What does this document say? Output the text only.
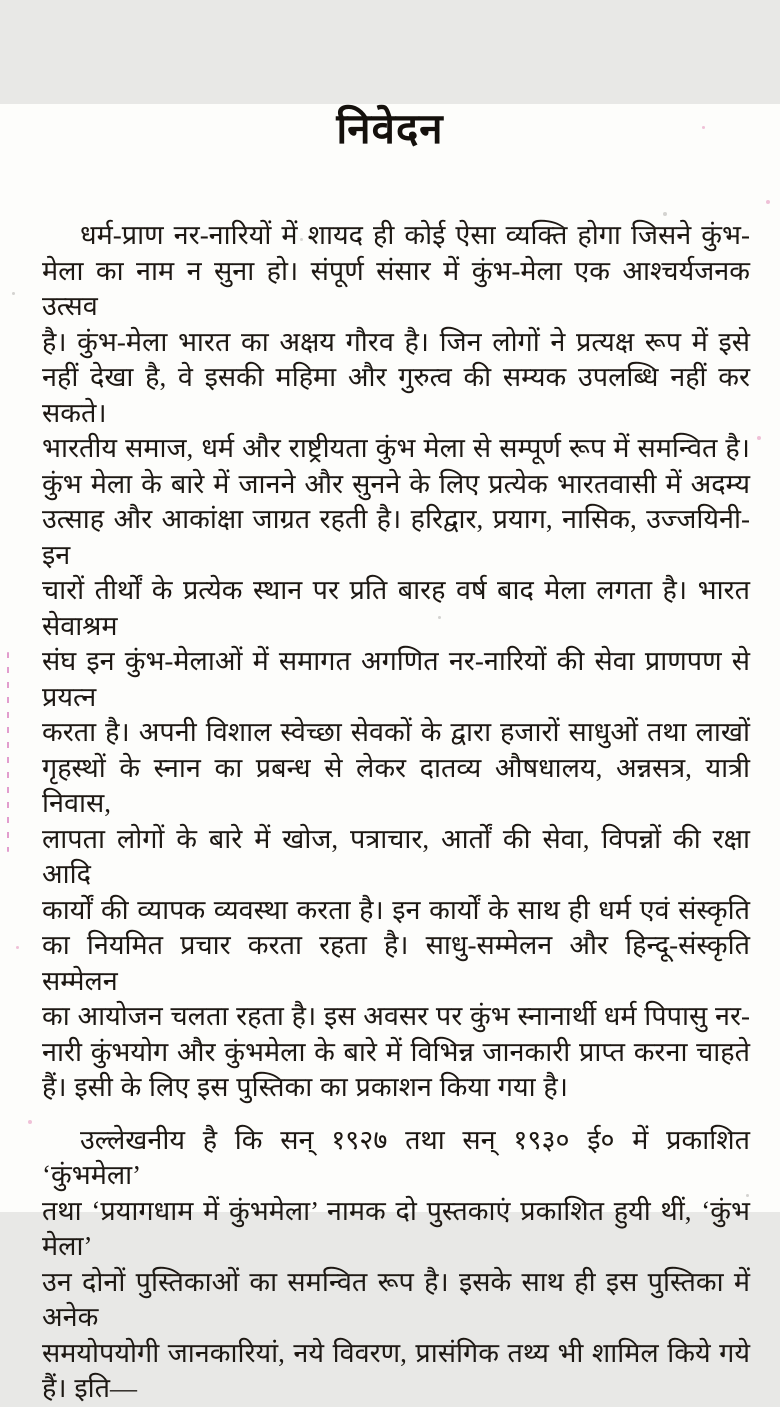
निवेदन
धर्म-प्राण नर-नारियों में शायद ही कोई ऐसा व्यक्ति होगा जिसने कुंभ-
मेला का नाम न सुना हो। संपूर्ण संसार में कुंभ-मेला एक आश्चर्यजनक उत्सव
है। कुंभ-मेला भारत का अक्षय गौरव है। जिन लोगों ने प्रत्यक्ष रूप में इसे
नहीं देखा है, वे इसकी महिमा और गुरुत्व की सम्यक उपलब्धि नहीं कर सकते।
भारतीय समाज, धर्म और राष्ट्रीयता कुंभ मेला से सम्पूर्ण रूप में समन्वित है।
कुंभ मेला के बारे में जानने और सुनने के लिए प्रत्येक भारतवासी में अदम्य
उत्साह और आकांक्षा जाग्रत रहती है। हरिद्वार, प्रयाग, नासिक, उज्जयिनी-इन
चारों तीर्थों के प्रत्येक स्थान पर प्रति बारह वर्ष बाद मेला लगता है। भारत सेवाश्रम
संघ इन कुंभ-मेलाओं में समागत अगणित नर-नारियों की सेवा प्राणपण से प्रयत्न
करता है। अपनी विशाल स्वेच्छा सेवकों के द्वारा हजारों साधुओं तथा लाखों
गृहस्थों के स्नान का प्रबन्ध से लेकर दातव्य औषधालय, अन्नसत्र, यात्री निवास,
लापता लोगों के बारे में खोज, पत्राचार, आर्तों की सेवा, विपन्नों की रक्षा आदि
कार्यों की व्यापक व्यवस्था करता है। इन कार्यों के साथ ही धर्म एवं संस्कृति
का नियमित प्रचार करता रहता है। साधु-सम्मेलन और हिन्दू-संस्कृति सम्मेलन
का आयोजन चलता रहता है। इस अवसर पर कुंभ स्नानार्थी धर्म पिपासु नर-
नारी कुंभयोग और कुंभमेला के बारे में विभिन्न जानकारी प्राप्त करना चाहते
हैं। इसी के लिए इस पुस्तिका का प्रकाशन किया गया है।
उल्लेखनीय है कि सन् १९२७ तथा सन् १९३० ई० में प्रकाशित ‘कुंभमेला’
तथा ‘प्रयागधाम में कुंभमेला’ नामक दो पुस्तकाएं प्रकाशित हुयी थीं, ‘कुंभ मेला’
उन दोनों पुस्तिकाओं का समन्वित रूप है। इसके साथ ही इस पुस्तिका में अनेक
समयोपयोगी जानकारियां, नये विवरण, प्रासंगिक तथ्य भी शामिल किये गये
हैं। इति—
